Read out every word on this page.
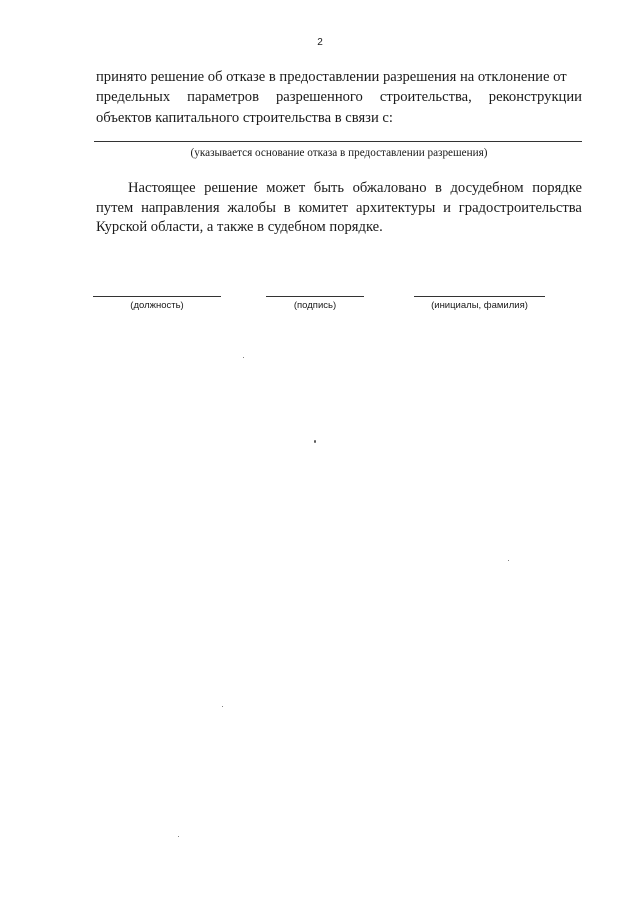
2
принято решение об отказе в предоставлении разрешения на отклонение от
предельных параметров разрешенного строительства, реконструкции
объектов капитального строительства в связи с:
(указывается основание отказа в предоставлении разрешения)
Настоящее решение может быть обжаловано в досудебном порядке
путем направления жалобы в комитет архитектуры и градостроительства
Курской области, а также в судебном порядке.
(должность)	(подпись)	(инициалы, фамилия)
